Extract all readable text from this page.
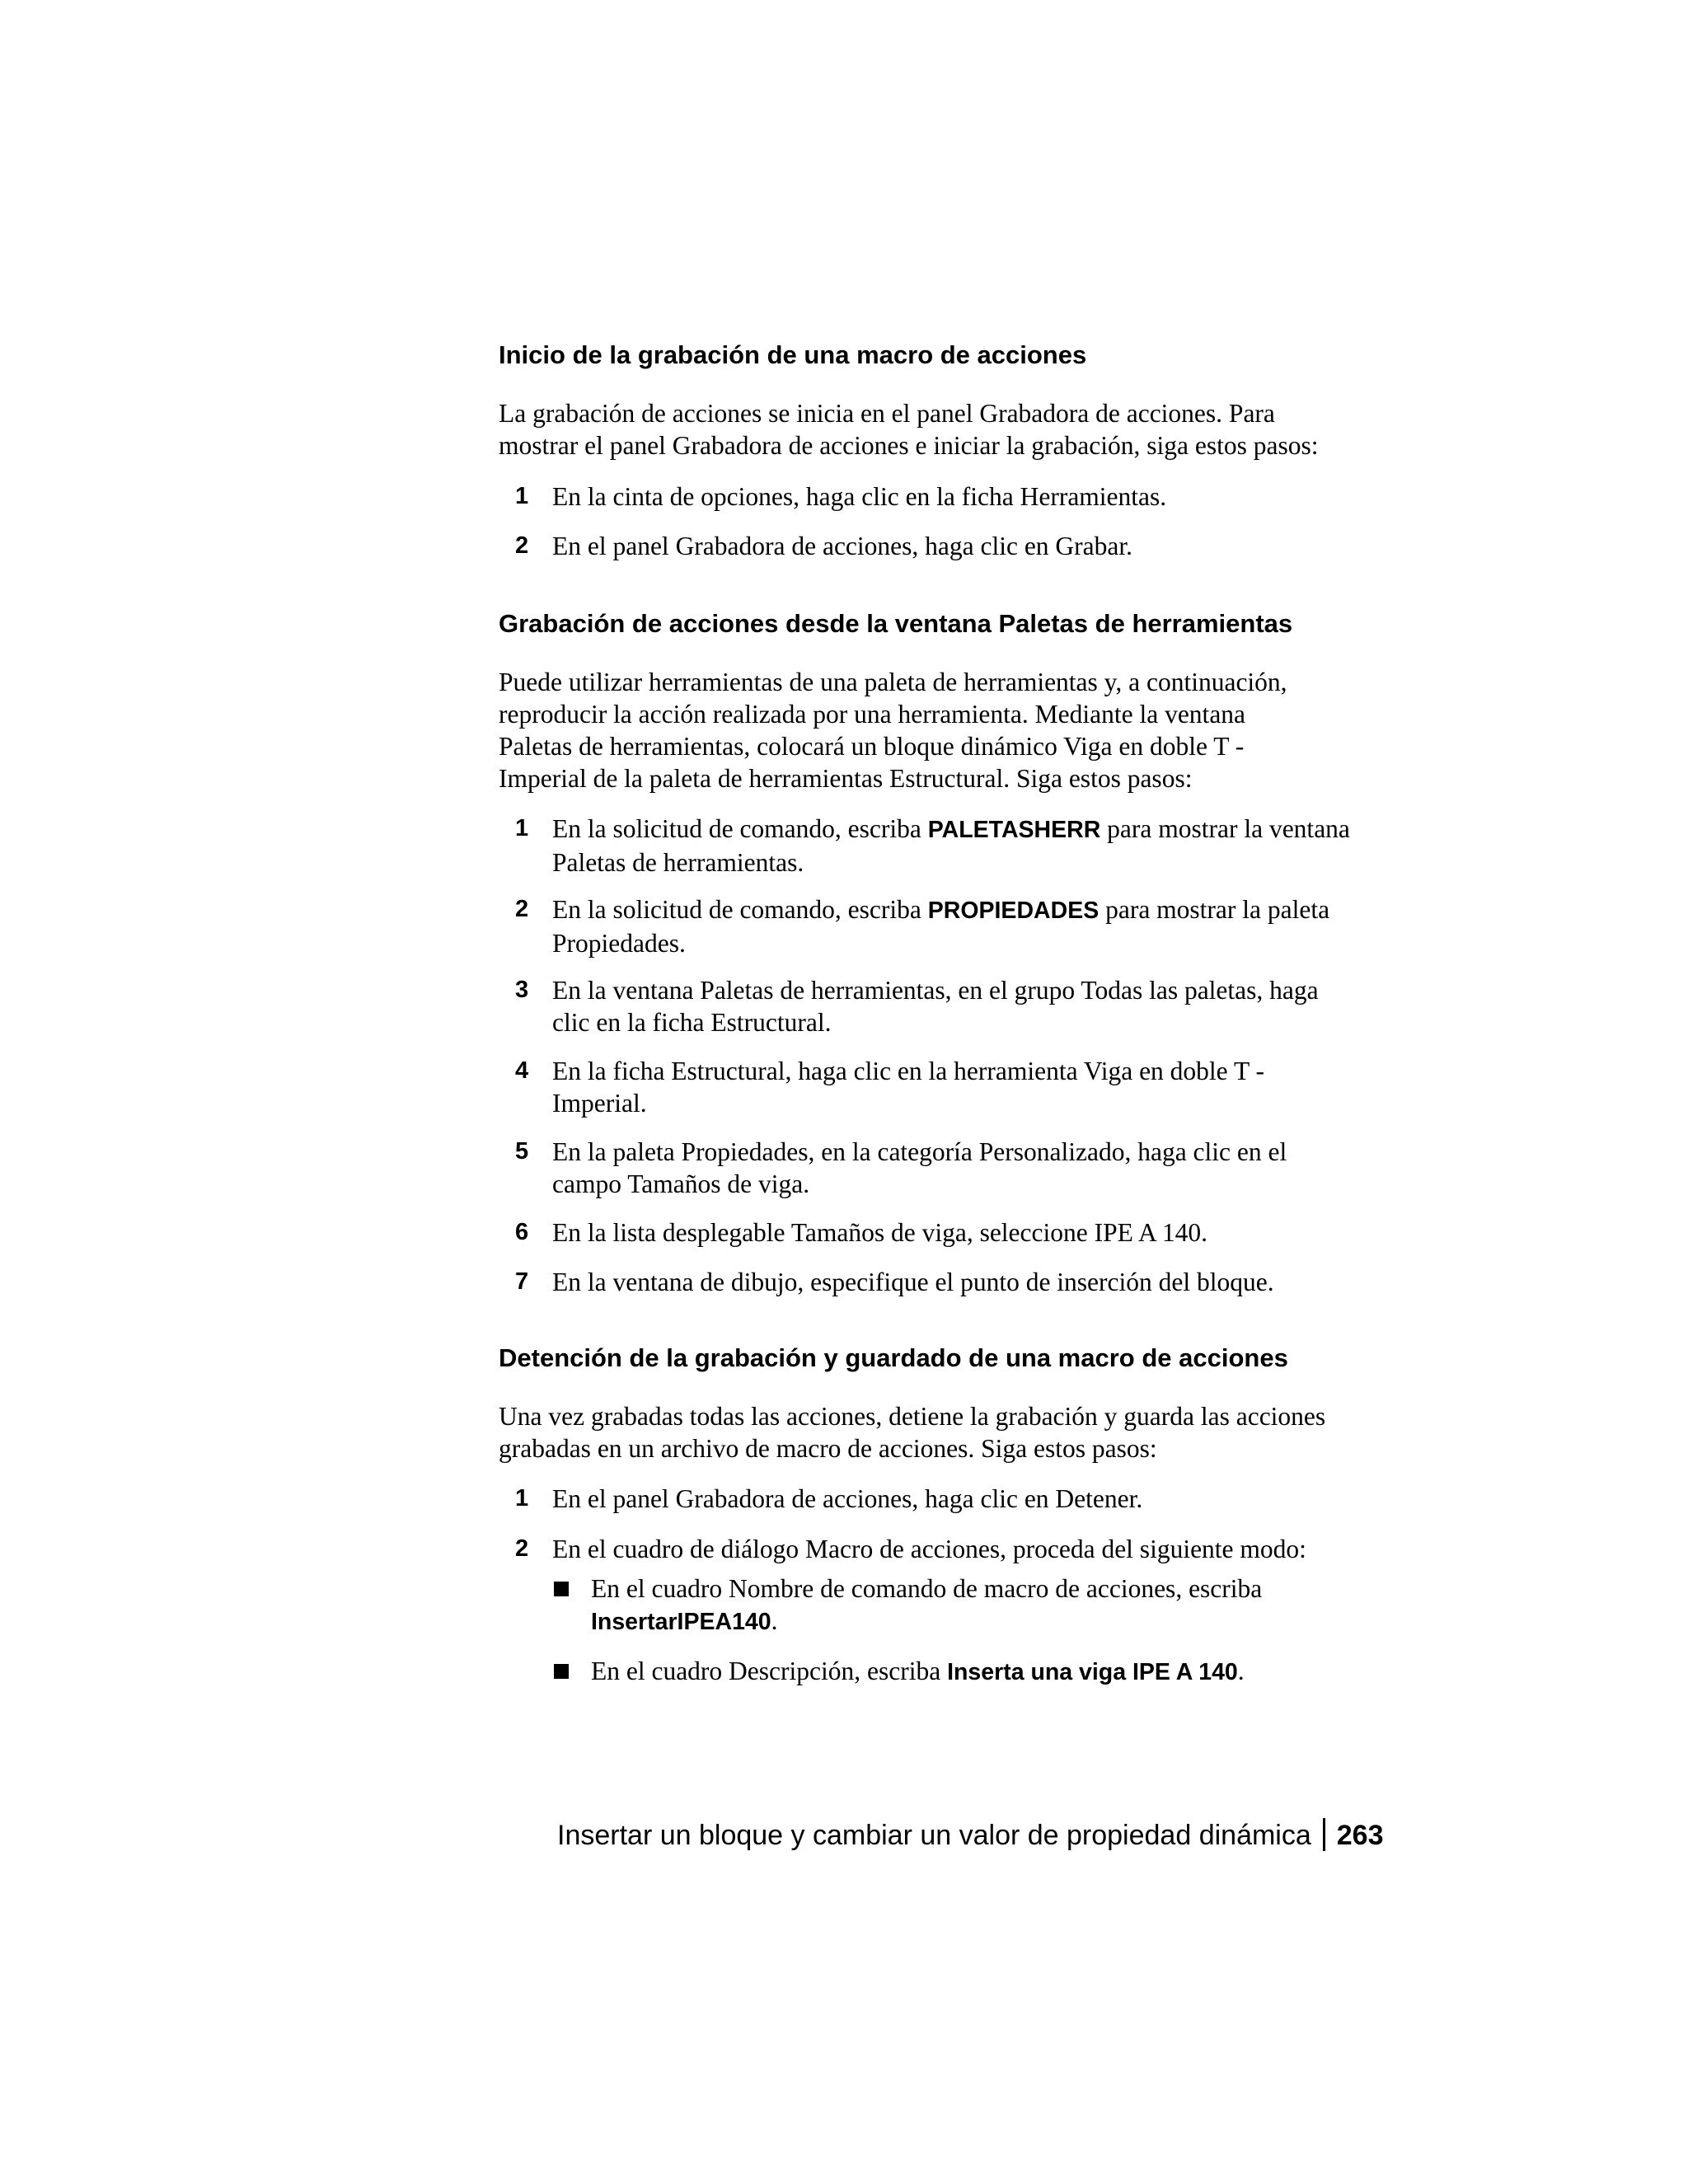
Inicio de la grabación de una macro de acciones

La grabación de acciones se inicia en el panel Grabadora de acciones. Para
mostrar el panel Grabadora de acciones e iniciar la grabación, siga estos pasos:

1 En la cinta de opciones, haga clic en la ficha Herramientas.
2 En el panel Grabadora de acciones, haga clic en Grabar.
Grabación de acciones desde la ventana Paletas de herramientas

Puede utilizar herramientas de una paleta de herramientas y, a continuación,
reproducir la acción realizada por una herramienta. Mediante la ventana
Paletas de herramientas, colocará un bloque dinámico Viga en doble T -
Imperial de la paleta de herramientas Estructural. Siga estos pasos:

1 En la solicitud de comando, escriba PALETASHERR para mostrar la ventana
Paletas de herramientas.
2 En la solicitud de comando, escriba PROPIEDADES para mostrar la paleta
Propiedades.
3 En la ventana Paletas de herramientas, en el grupo Todas las paletas, haga
clic en la ficha Estructural.
4 En la ficha Estructural, haga clic en la herramienta Viga en doble T -
Imperial.
5 En la paleta Propiedades, en la categoría Personalizado, haga clic en el
campo Tamaños de viga.
6 En la lista desplegable Tamaños de viga, seleccione IPE A 140.
7 En la ventana de dibujo, especifique el punto de inserción del bloque.
Detención de la grabación y guardado de una macro de acciones

Una vez grabadas todas las acciones, detiene la grabación y guarda las acciones
grabadas en un archivo de macro de acciones. Siga estos pasos:

1 En el panel Grabadora de acciones, haga clic en Detener.
2 En el cuadro de diálogo Macro de acciones, proceda del siguiente modo:
En el cuadro Nombre de comando de macro de acciones, escriba
InsertarIPEA140.
En el cuadro Descripción, escriba Inserta una viga IPE A 140.
Insertar un bloque y cambiar un valor de propiedad dinámica 263
